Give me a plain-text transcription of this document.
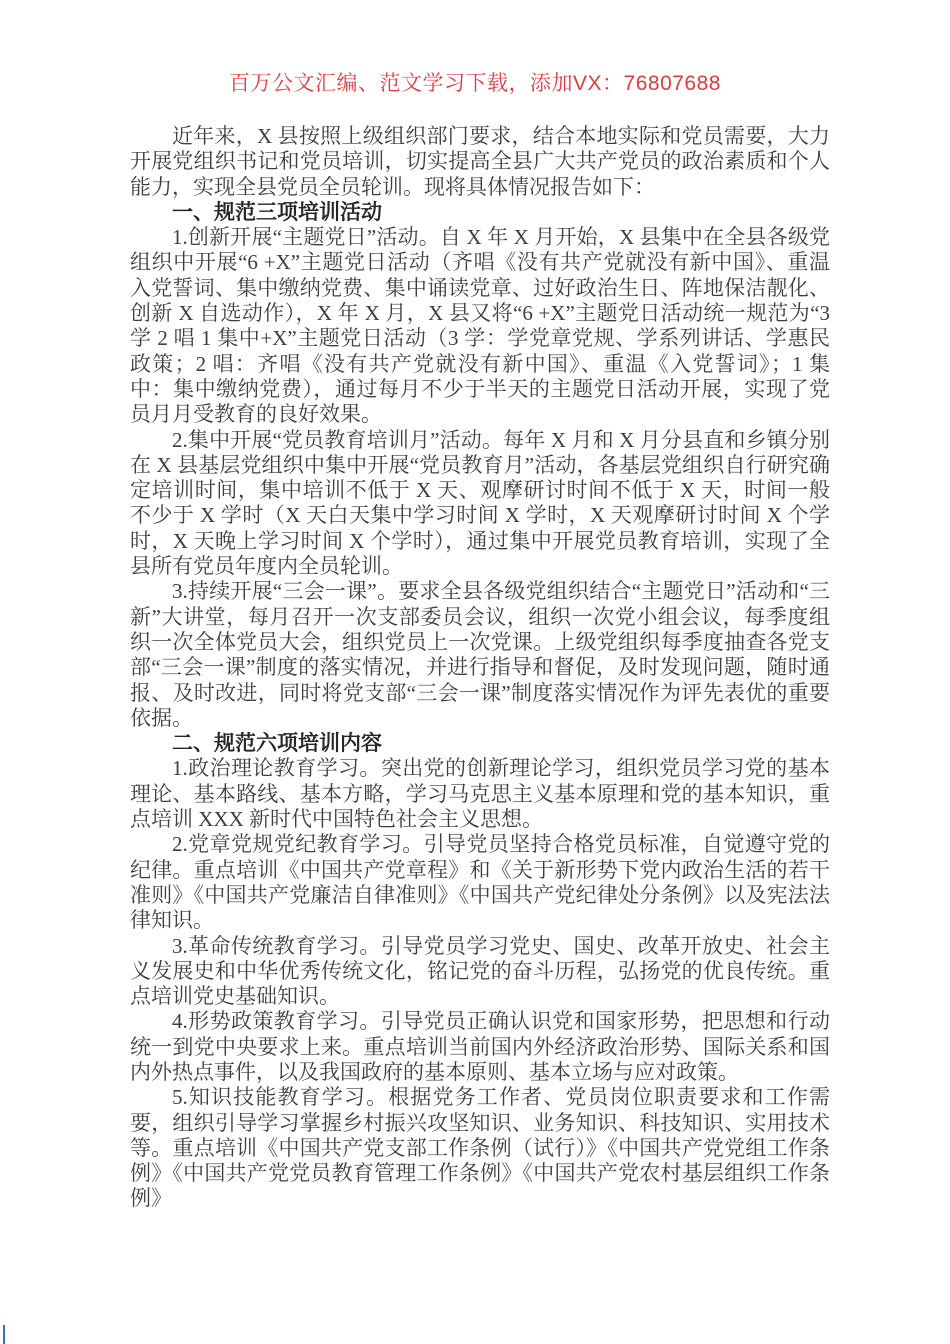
百万公文汇编、范文学习下载，添加VX：76807688

近年来，X 县按照上级组织部门要求，结合本地实际和党员需要，大力开展党组织书记和党员培训，切实提高全县广大共产党员的政治素质和个人能力，实现全县党员全员轮训。现将具体情况报告如下：

一、规范三项培训活动

1.创新开展“主题党日”活动。自 X 年 X 月开始，X 县集中在全县各级党组织中开展“6 +X”主题党日活动（齐唱《没有共产党就没有新中国》、重温入党誓词、集中缴纳党费、集中诵读党章、过好政治生日、阵地保洁靓化、创新 X 自选动作），X 年 X 月，X 县又将“6 +X”主题党日活动统一规范为“3 学 2 唱 1 集中+X”主题党日活动（3 学：学党章党规、学系列讲话、学惠民政策；2 唱：齐唱《没有共产党就没有新中国》、重温《入党誓词》；1 集中：集中缴纳党费），通过每月不少于半天的主题党日活动开展，实现了党员月月受教育的良好效果。

2.集中开展“党员教育培训月”活动。每年 X 月和 X 月分县直和乡镇分别在 X 县基层党组织中集中开展“党员教育月”活动，各基层党组织自行研究确定培训时间，集中培训不低于 X 天、观摩研讨时间不低于 X 天，时间一般不少于 X 学时（X 天白天集中学习时间 X 学时，X 天观摩研讨时间 X 个学时，X 天晚上学习时间 X 个学时），通过集中开展党员教育培训，实现了全县所有党员年度内全员轮训。

3.持续开展“三会一课”。要求全县各级党组织结合“主题党日”活动和“三新”大讲堂，每月召开一次支部委员会议，组织一次党小组会议，每季度组织一次全体党员大会，组织党员上一次党课。上级党组织每季度抽查各党支部“三会一课”制度的落实情况，并进行指导和督促，及时发现问题，随时通报、及时改进，同时将党支部“三会一课”制度落实情况作为评先表优的重要依据。

二、规范六项培训内容

1.政治理论教育学习。突出党的创新理论学习，组织党员学习党的基本理论、基本路线、基本方略，学习马克思主义基本原理和党的基本知识，重点培训 XXX 新时代中国特色社会主义思想。

2.党章党规党纪教育学习。引导党员坚持合格党员标准，自觉遵守党的纪律。重点培训《中国共产党章程》和《关于新形势下党内政治生活的若干准则》《中国共产党廉洁自律准则》《中国共产党纪律处分条例》以及宪法法律知识。

3.革命传统教育学习。引导党员学习党史、国史、改革开放史、社会主义发展史和中华优秀传统文化，铭记党的奋斗历程，弘扬党的优良传统。重点培训党史基础知识。

4.形势政策教育学习。引导党员正确认识党和国家形势，把思想和行动统一到党中央要求上来。重点培训当前国内外经济政治形势、国际关系和国内外热点事件，以及我国政府的基本原则、基本立场与应对政策。

5.知识技能教育学习。根据党务工作者、党员岗位职责要求和工作需要，组织引导学习掌握乡村振兴攻坚知识、业务知识、科技知识、实用技术等。重点培训《中国共产党支部工作条例（试行）》《中国共产党党组工作条例》《中国共产党党员教育管理工作条例》《中国共产党农村基层组织工作条例》
